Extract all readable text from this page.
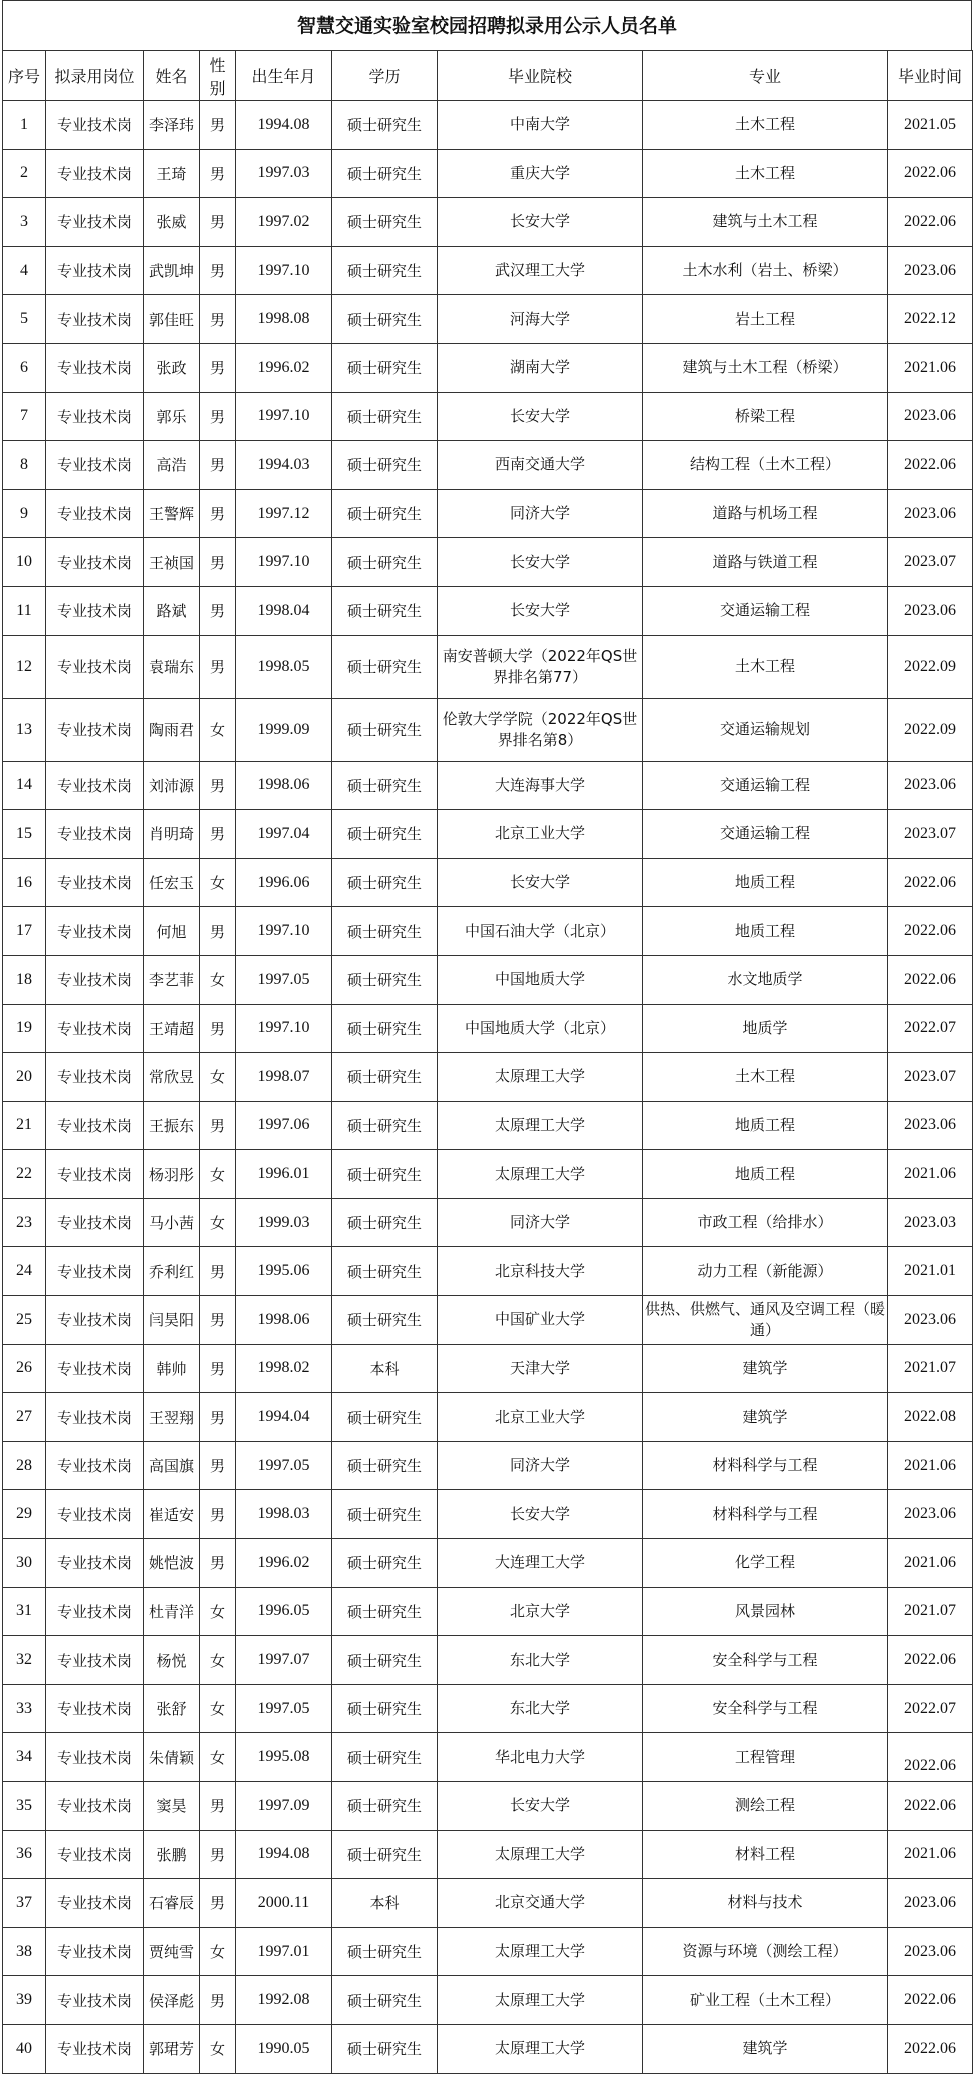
智慧交通实验室校园招聘拟录用公示人员名单
序号	拟录用岗位	姓名	性别	出生年月	学历	毕业院校	专业	毕业时间
1	专业技术岗	李泽玮	男	1994.08	硕士研究生	中南大学	土木工程	2021.05
2	专业技术岗	王琦	男	1997.03	硕士研究生	重庆大学	土木工程	2022.06
3	专业技术岗	张威	男	1997.02	硕士研究生	长安大学	建筑与土木工程	2022.06
4	专业技术岗	武凯坤	男	1997.10	硕士研究生	武汉理工大学	土木水利（岩土、桥梁）	2023.06
5	专业技术岗	郭佳旺	男	1998.08	硕士研究生	河海大学	岩土工程	2022.12
6	专业技术岗	张政	男	1996.02	硕士研究生	湖南大学	建筑与土木工程（桥梁）	2021.06
7	专业技术岗	郭乐	男	1997.10	硕士研究生	长安大学	桥梁工程	2023.06
8	专业技术岗	高浩	男	1994.03	硕士研究生	西南交通大学	结构工程（土木工程）	2022.06
9	专业技术岗	王警辉	男	1997.12	硕士研究生	同济大学	道路与机场工程	2023.06
10	专业技术岗	王祯国	男	1997.10	硕士研究生	长安大学	道路与铁道工程	2023.07
11	专业技术岗	路斌	男	1998.04	硕士研究生	长安大学	交通运输工程	2023.06
12	专业技术岗	袁瑞东	男	1998.05	硕士研究生	南安普顿大学（2022年QS世界排名第77）	土木工程	2022.09
13	专业技术岗	陶雨君	女	1999.09	硕士研究生	伦敦大学学院（2022年QS世界排名第8）	交通运输规划	2022.09
14	专业技术岗	刘沛源	男	1998.06	硕士研究生	大连海事大学	交通运输工程	2023.06
15	专业技术岗	肖明琦	男	1997.04	硕士研究生	北京工业大学	交通运输工程	2023.07
16	专业技术岗	任宏玉	女	1996.06	硕士研究生	长安大学	地质工程	2022.06
17	专业技术岗	何旭	男	1997.10	硕士研究生	中国石油大学（北京）	地质工程	2022.06
18	专业技术岗	李艺菲	女	1997.05	硕士研究生	中国地质大学	水文地质学	2022.06
19	专业技术岗	王靖超	男	1997.10	硕士研究生	中国地质大学（北京）	地质学	2022.07
20	专业技术岗	常欣昱	女	1998.07	硕士研究生	太原理工大学	土木工程	2023.07
21	专业技术岗	王振东	男	1997.06	硕士研究生	太原理工大学	地质工程	2023.06
22	专业技术岗	杨羽彤	女	1996.01	硕士研究生	太原理工大学	地质工程	2021.06
23	专业技术岗	马小茜	女	1999.03	硕士研究生	同济大学	市政工程（给排水）	2023.03
24	专业技术岗	乔利红	男	1995.06	硕士研究生	北京科技大学	动力工程（新能源）	2021.01
25	专业技术岗	闫昊阳	男	1998.06	硕士研究生	中国矿业大学	供热、供燃气、通风及空调工程（暖通）	2023.06
26	专业技术岗	韩帅	男	1998.02	本科	天津大学	建筑学	2021.07
27	专业技术岗	王翌翔	男	1994.04	硕士研究生	北京工业大学	建筑学	2022.08
28	专业技术岗	高国旗	男	1997.05	硕士研究生	同济大学	材料科学与工程	2021.06
29	专业技术岗	崔适安	男	1998.03	硕士研究生	长安大学	材料科学与工程	2023.06
30	专业技术岗	姚恺波	男	1996.02	硕士研究生	大连理工大学	化学工程	2021.06
31	专业技术岗	杜青洋	女	1996.05	硕士研究生	北京大学	风景园林	2021.07
32	专业技术岗	杨悦	女	1997.07	硕士研究生	东北大学	安全科学与工程	2022.06
33	专业技术岗	张舒	女	1997.05	硕士研究生	东北大学	安全科学与工程	2022.07
34	专业技术岗	朱倩颖	女	1995.08	硕士研究生	华北电力大学	工程管理	2022.06
35	专业技术岗	窦昊	男	1997.09	硕士研究生	长安大学	测绘工程	2022.06
36	专业技术岗	张鹏	男	1994.08	硕士研究生	太原理工大学	材料工程	2021.06
37	专业技术岗	石睿辰	男	2000.11	本科	北京交通大学	材料与技术	2023.06
38	专业技术岗	贾纯雪	女	1997.01	硕士研究生	太原理工大学	资源与环境（测绘工程）	2023.06
39	专业技术岗	侯泽彪	男	1992.08	硕士研究生	太原理工大学	矿业工程（土木工程）	2022.06
40	专业技术岗	郭珺芳	女	1990.05	硕士研究生	太原理工大学	建筑学	2022.06
